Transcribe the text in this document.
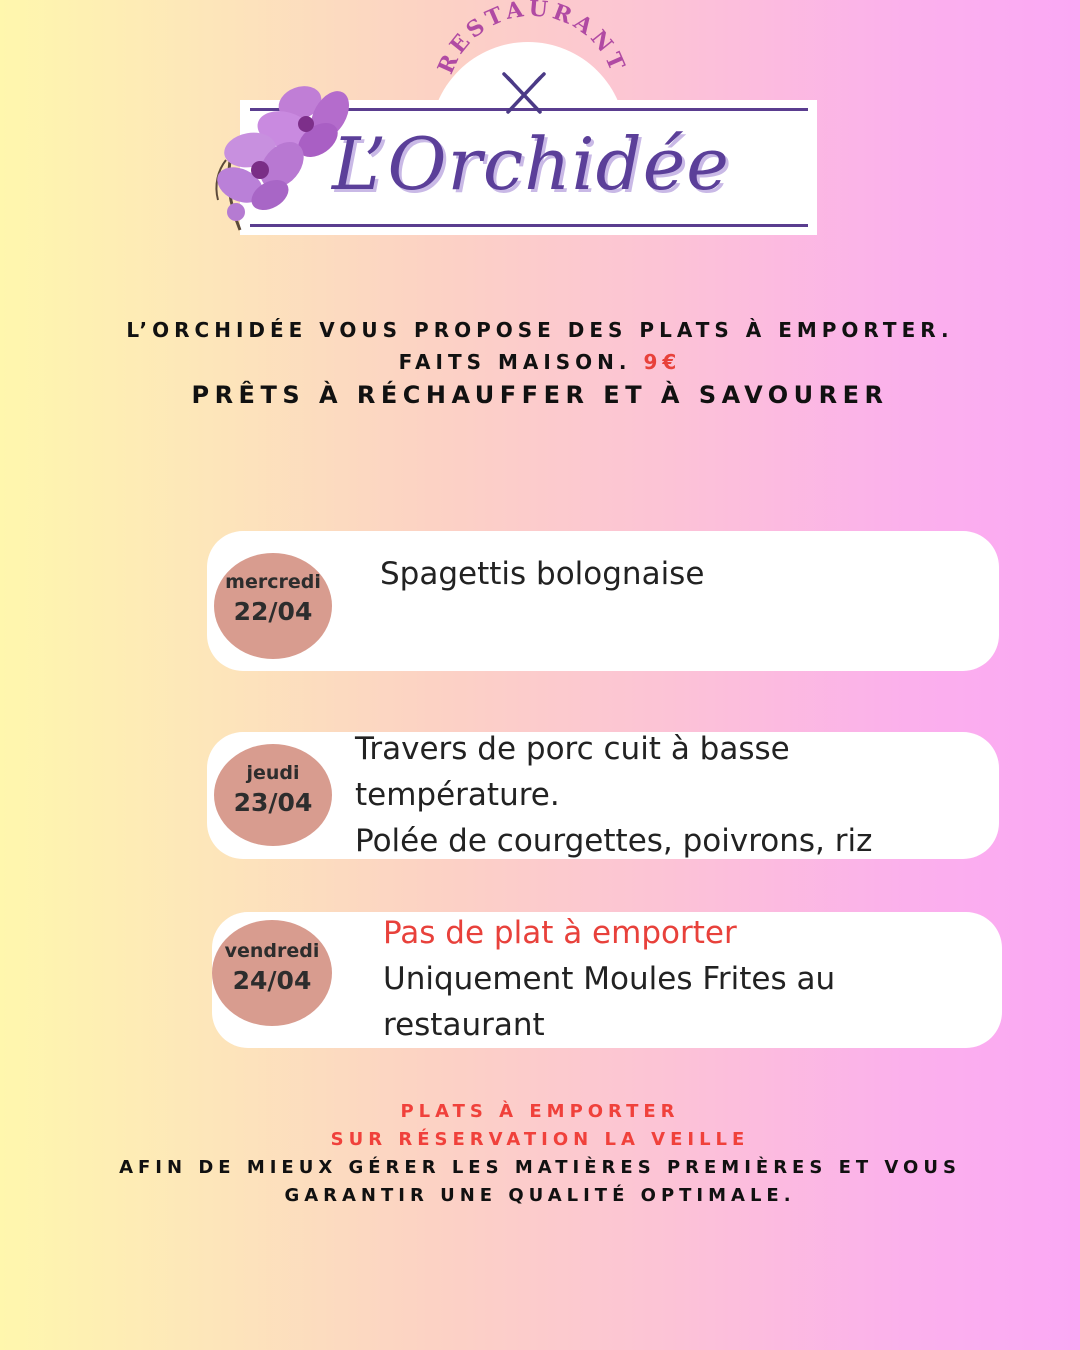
RESTAURANT
L’Orchidée
L’ORCHIDÉE VOUS PROPOSE DES PLATS À EMPORTER.
FAITS MAISON. 9€
PRÊTS À RÉCHAUFFER ET À SAVOURER
mercredi
22/04
Spagettis bolognaise
jeudi
23/04
Travers de porc cuit à basse
température.
Polée de courgettes, poivrons, riz
vendredi
24/04
Pas de plat à emporter
Uniquement Moules Frites au
restaurant
PLATS À EMPORTER
SUR RÉSERVATION LA VEILLE
AFIN DE MIEUX GÉRER LES MATIÈRES PREMIÈRES ET VOUS
GARANTIR UNE QUALITÉ OPTIMALE.
